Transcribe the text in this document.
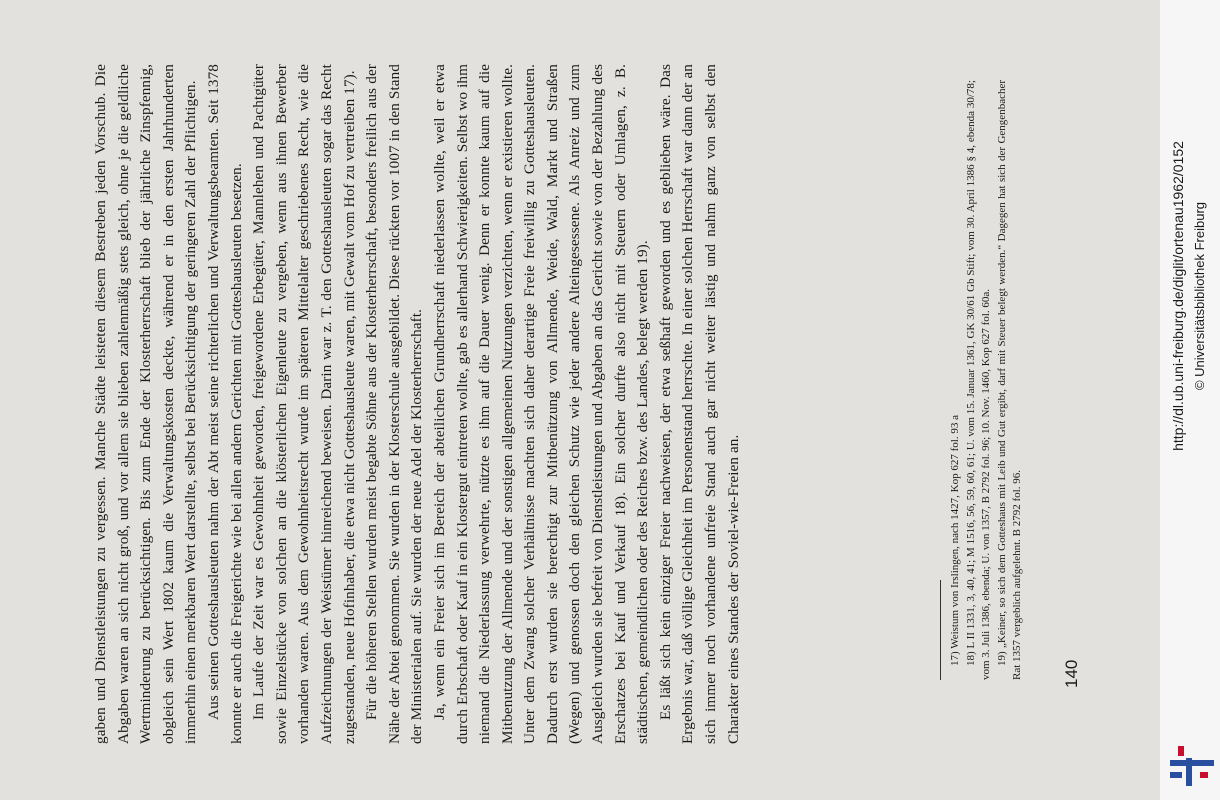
gaben und Dienstleistungen zu vergessen. Manche Städte leisteten diesem Bestreben jeden Vorschub. Die Abgaben waren an sich nicht groß, und vor allem sie blieben zahlenmäßig stets gleich, ohne je die geldliche Wertminderung zu berücksichtigen. Bis zum Ende der Klosterherrschaft blieb der jährliche Zinspfennig, obgleich sein Wert 1802 kaum die Verwaltungskosten deckte, während er in den ersten Jahrhunderten immerhin einen merkbaren Wert darstellte, selbst bei Berücksichtigung der geringeren Zahl der Pflichtigen. Aus seinen Gotteshausleuten nahm der Abt meist seine richterlichen und Verwaltungsbeamten. Seit 1378 konnte er auch die Freigerichte wie bei allen andern Gerichten mit Gotteshausleuten besetzen. Im Laufe der Zeit war es Gewohnheit geworden, freigewordene Erbegüter, Mannlehen und Pachtgüter sowie Einzelstücke von solchen an die klösterlichen Eigenleute zu vergeben, wenn aus ihnen Bewerber vorhanden waren. Aus dem Gewohnheitsrecht wurde im späteren Mittelalter geschriebenes Recht, wie die Aufzeichnungen der Weistümer hinreichend beweisen. Darin war z. T. den Gotteshausleuten sogar das Recht zugestanden, neue Hofinhaber, die etwa nicht Gotteshausleute waren, mit Gewalt vom Hof zu vertreiben 17). Für die höheren Stellen wurden meist begabte Söhne aus der Klosterherrschaft, besonders freilich aus der Nähe der Abtei genommen. Sie wurden in der Klosterschule ausgebildet. Diese rückten vor 1007 in den Stand der Ministerialen auf. Sie wurden der neue Adel der Klosterherrschaft. Ja, wenn ein Freier sich im Bereich der abteilichen Grundherrschaft niederlassen wollte, weil er etwa durch Erbschaft oder Kauf in ein Klostergut eintreten wollte, gab es allerhand Schwierigkeiten. Selbst wo ihm niemand die Niederlassung verwehrte, nützte es ihm auf die Dauer wenig. Denn er konnte kaum auf die Mitbenutzung der Allmende und der sonstigen allgemeinen Nutzungen verzichten, wenn er existieren wollte. Unter dem Zwang solcher Verhältnisse machten sich daher derartige Freie freiwillig zu Gotteshausleuten. Dadurch erst wurden sie berechtigt zur Mitbenützung von Allmende, Weide, Wald, Markt und Straßen (Wegen) und genossen doch den gleichen Schutz wie jeder andere Alteingesessene. Als Anreiz und zum Ausgleich wurden sie befreit von Dienstleistungen und Abgaben an das Gericht sowie von der Bezahlung des Erschatzes bei Kauf und Verkauf 18). Ein solcher durfte also nicht mit Steuern oder Umlagen, z. B. städtischen, gemeindlichen oder des Reiches bzw. des Landes, belegt werden 19). Es läßt sich kein einziger Freier nachweisen, der etwa seßhaft geworden und es geblieben wäre. Das Ergebnis war, daß völlige Gleichheit im Personenstand herrschte. In einer solchen Herrschaft war dann der an sich immer noch vorhandene unfreie Stand auch gar nicht weiter lästig und nahm ganz von selbst den Charakter eines Standes der Soviel-wie-Freien an.	17) Weistum von Irslingen, nach 1427, Kop 627 fol. 93 a 18) L II 1331, 3, 40, 41; M 1516, 56, 59, 60, 61; U. vom 15. Januar 1361, GK 30/61 Gb Stift; vom 30. April 1386 § 4, ebenda 30/78; vom 3. Juli 1386, ebenda; U. von 1357, B 2792 fol. 96; 10. Nov. 1460, Kop 627 fol. 60a. 19) „Keiner, so sich dem Gotteshaus mit Leib und Gut ergibt, darf mit Steuer belegt werden.“ Dagegen hat sich der Gengenbacher Rat 1357 vergeblich aufgelehnt. B 2792 fol. 96. 140
http://dl.ub.uni-freiburg.de/diglit/ortenau1962/0152 © Universitätsbibliothek Freiburg
